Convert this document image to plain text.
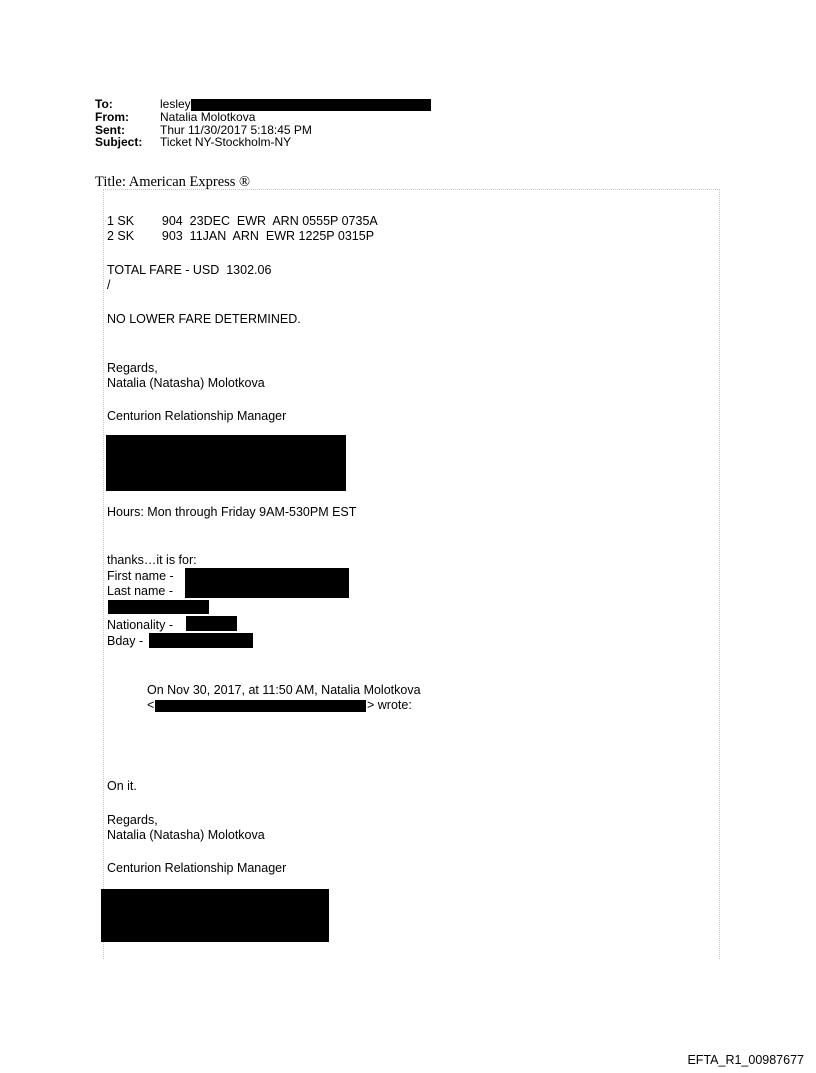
To:	lesley
From:	Natalia Molotkova
Sent:	Thur 11/30/2017 5:18:45 PM
Subject:	Ticket NY-Stockholm-NY
Title: American Express ®
1 SK        904  23DEC  EWR  ARN 0555P 0735A
2 SK        903  11JAN  ARN  EWR 1225P 0315P
TOTAL FARE - USD  1302.06
/
NO LOWER FARE DETERMINED.
Regards,
Natalia (Natasha) Molotkova
Centurion Relationship Manager
Hours: Mon through Friday 9AM-530PM EST
thanks…it is for:
First name -
Last name -
Nationality -
Bday -
On Nov 30, 2017, at 11:50 AM, Natalia Molotkova
<	> wrote:
On it.
Regards,
Natalia (Natasha) Molotkova
Centurion Relationship Manager
EFTA_R1_00987677
